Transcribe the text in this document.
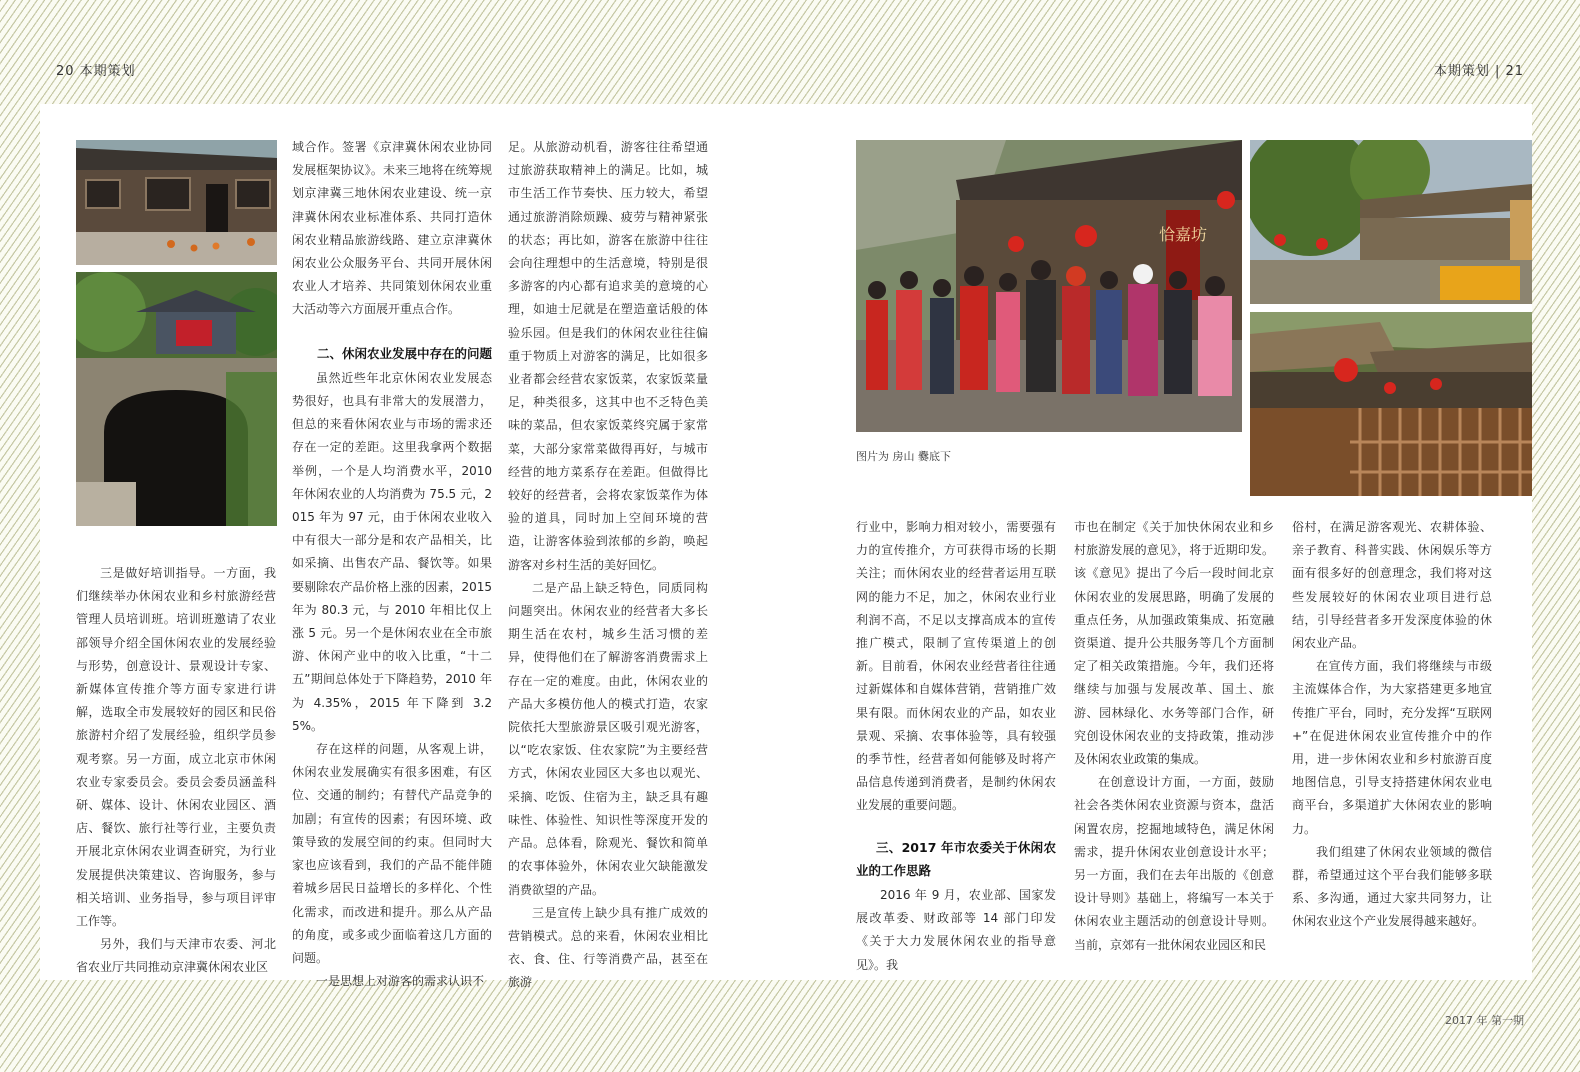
20 本期策划	本期策划 | 21
2017 年 第一期
恰嘉坊
图片为 房山 爨底下

三是做好培训指导。一方面，我们继续举办休闲农业和乡村旅游经营管理人员培训班。培训班邀请了农业部领导介绍全国休闲农业的发展经验与形势，创意设计、景观设计专家、新媒体宣传推介等方面专家进行讲解，选取全市发展较好的园区和民俗旅游村介绍了发展经验，组织学员参观考察。另一方面，成立北京市休闲农业专家委员会。委员会委员涵盖科研、媒体、设计、休闲农业园区、酒店、餐饮、旅行社等行业，主要负责开展北京休闲农业调查研究，为行业发展提供决策建议、咨询服务，参与相关培训、业务指导，参与项目评审工作等。

另外，我们与天津市农委、河北省农业厅共同推动京津冀休闲农业区

域合作。签署《京津冀休闲农业协同发展框架协议》。未来三地将在统筹规划京津冀三地休闲农业建设、统一京津冀休闲农业标准体系、共同打造休闲农业精品旅游线路、建立京津冀休闲农业公众服务平台、共同开展休闲农业人才培养、共同策划休闲农业重大活动等六方面展开重点合作。

二、休闲农业发展中存在的问题

虽然近些年北京休闲农业发展态势很好，也具有非常大的发展潜力，但总的来看休闲农业与市场的需求还存在一定的差距。这里我拿两个数据举例，一个是人均消费水平，2010 年休闲农业的人均消费为 75.5 元，2015 年为 97 元，由于休闲农业收入中有很大一部分是和农产品相关，比如采摘、出售农产品、餐饮等。如果要剔除农产品价格上涨的因素，2015 年为 80.3 元，与 2010 年相比仅上涨 5 元。另一个是休闲农业在全市旅游、休闲产业中的收入比重，“十二五”期间总体处于下降趋势，2010 年为 4.35%，2015 年下降到 3.25%。

存在这样的问题，从客观上讲，休闲农业发展确实有很多困难，有区位、交通的制约；有替代产品竞争的加剧；有宣传的因素；有因环境、政策导致的发展空间的约束。但同时大家也应该看到，我们的产品不能伴随着城乡居民日益增长的多样化、个性化需求，而改进和提升。那么从产品的角度，或多或少面临着这几方面的问题。

一是思想上对游客的需求认识不

足。从旅游动机看，游客往往希望通过旅游获取精神上的满足。比如，城市生活工作节奏快、压力较大，希望通过旅游消除烦躁、疲劳与精神紧张的状态；再比如，游客在旅游中往往会向往理想中的生活意境，特别是很多游客的内心都有追求美的意境的心理，如迪士尼就是在塑造童话般的体验乐园。但是我们的休闲农业往往偏重于物质上对游客的满足，比如很多业者都会经营农家饭菜，农家饭菜量足，种类很多，这其中也不乏特色美味的菜品，但农家饭菜终究属于家常菜，大部分家常菜做得再好，与城市经营的地方菜系存在差距。但做得比较好的经营者，会将农家饭菜作为体验的道具，同时加上空间环境的营造，让游客体验到浓郁的乡韵，唤起游客对乡村生活的美好回忆。

二是产品上缺乏特色，同质同构问题突出。休闲农业的经营者大多长期生活在农村，城乡生活习惯的差异，使得他们在了解游客消费需求上存在一定的难度。由此，休闲农业的产品大多模仿他人的模式打造，农家院依托大型旅游景区吸引观光游客，以“吃农家饭、住农家院”为主要经营方式，休闲农业园区大多也以观光、采摘、吃饭、住宿为主，缺乏具有趣味性、体验性、知识性等深度开发的产品。总体看，除观光、餐饮和简单的农事体验外，休闲农业欠缺能激发消费欲望的产品。

三是宣传上缺少具有推广成效的营销模式。总的来看，休闲农业相比衣、食、住、行等消费产品，甚至在旅游

行业中，影响力相对较小，需要强有力的宣传推介，方可获得市场的长期关注；而休闲农业的经营者运用互联网的能力不足，加之，休闲农业行业利润不高，不足以支撑高成本的宣传推广模式，限制了宣传渠道上的创新。目前看，休闲农业经营者往往通过新媒体和自媒体营销，营销推广效果有限。而休闲农业的产品，如农业景观、采摘、农事体验等，具有较强的季节性，经营者如何能够及时将产品信息传递到消费者，是制约休闲农业发展的重要问题。

三、2017 年市农委关于休闲农业的工作思路

2016 年 9 月，农业部、国家发展改革委、财政部等 14 部门印发《关于大力发展休闲农业的指导意见》。我

市也在制定《关于加快休闲农业和乡村旅游发展的意见》，将于近期印发。该《意见》提出了今后一段时间北京休闲农业的发展思路，明确了发展的重点任务，从加强政策集成、拓宽融资渠道、提升公共服务等几个方面制定了相关政策措施。今年，我们还将继续与加强与发展改革、国土、旅游、园林绿化、水务等部门合作，研究创设休闲农业的支持政策，推动涉及休闲农业政策的集成。

在创意设计方面，一方面，鼓励社会各类休闲农业资源与资本，盘活闲置农房，挖掘地域特色，满足休闲需求，提升休闲农业创意设计水平；另一方面，我们在去年出版的《创意设计导则》基础上，将编写一本关于休闲农业主题活动的创意设计导则。当前，京郊有一批休闲农业园区和民

俗村，在满足游客观光、农耕体验、亲子教育、科普实践、休闲娱乐等方面有很多好的创意理念，我们将对这些发展较好的休闲农业项目进行总结，引导经营者多开发深度体验的休闲农业产品。

在宣传方面，我们将继续与市级主流媒体合作，为大家搭建更多地宣传推广平台，同时，充分发挥“互联网+”在促进休闲农业宣传推介中的作用，进一步休闲农业和乡村旅游百度地图信息，引导支持搭建休闲农业电商平台，多渠道扩大休闲农业的影响力。

我们组建了休闲农业领域的微信群，希望通过这个平台我们能够多联系、多沟通，通过大家共同努力，让休闲农业这个产业发展得越来越好。
